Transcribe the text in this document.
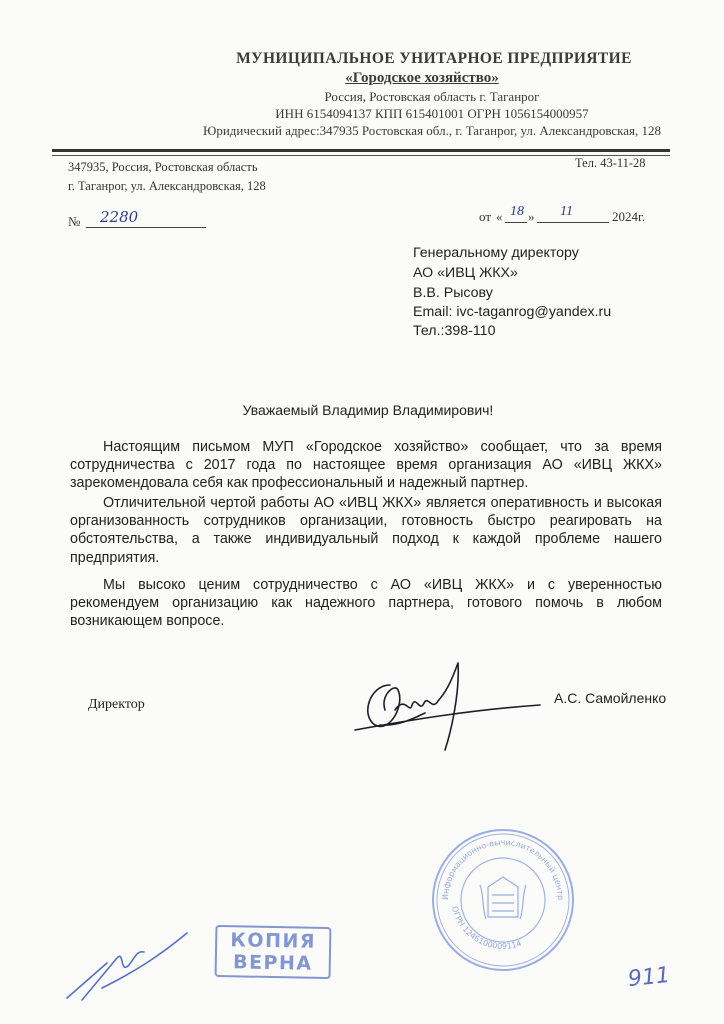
МУНИЦИПАЛЬНОЕ УНИТАРНОЕ ПРЕДПРИЯТИЕ
«Городское хозяйство»
Россия, Ростовская область г. Таганрог
ИНН 6154094137 КПП 615401001 ОГРН 1056154000957
Юридический адрес:347935 Ростовская обл., г. Таганрог, ул. Александровская, 128
347935, Россия, Ростовская область
г. Таганрог, ул. Александровская, 128
Тел. 43-11-28
№ 2280	от « 18 » 11	2024г.
Генеральному директору
АО «ИВЦ ЖКХ»
В.В. Рысову
Email: ivc-taganrog@yandex.ru
Тел.:398-110
Уважаемый Владимир Владимирович!
Настоящим письмом МУП «Городское хозяйство» сообщает, что за время сотрудничества с 2017 года по настоящее время организация АО «ИВЦ ЖКХ» зарекомендовала себя как профессиональный и надежный партнер.
Отличительной чертой работы АО «ИВЦ ЖКХ» является оперативность и высокая организованность сотрудников организации, готовность быстро реагировать на обстоятельства, а также индивидуальный подход к каждой проблеме нашего предприятия.
Мы высоко ценим сотрудничество с АО «ИВЦ ЖКХ» и с уверенностью рекомендуем организацию как надежного партнера, готового помочь в любом возникающем вопросе.
Директор	А.С. Самойленко
Информационно-вычислительный центр
ОГРН 1246100009114
КОПИЯ
ВЕРНА	911
